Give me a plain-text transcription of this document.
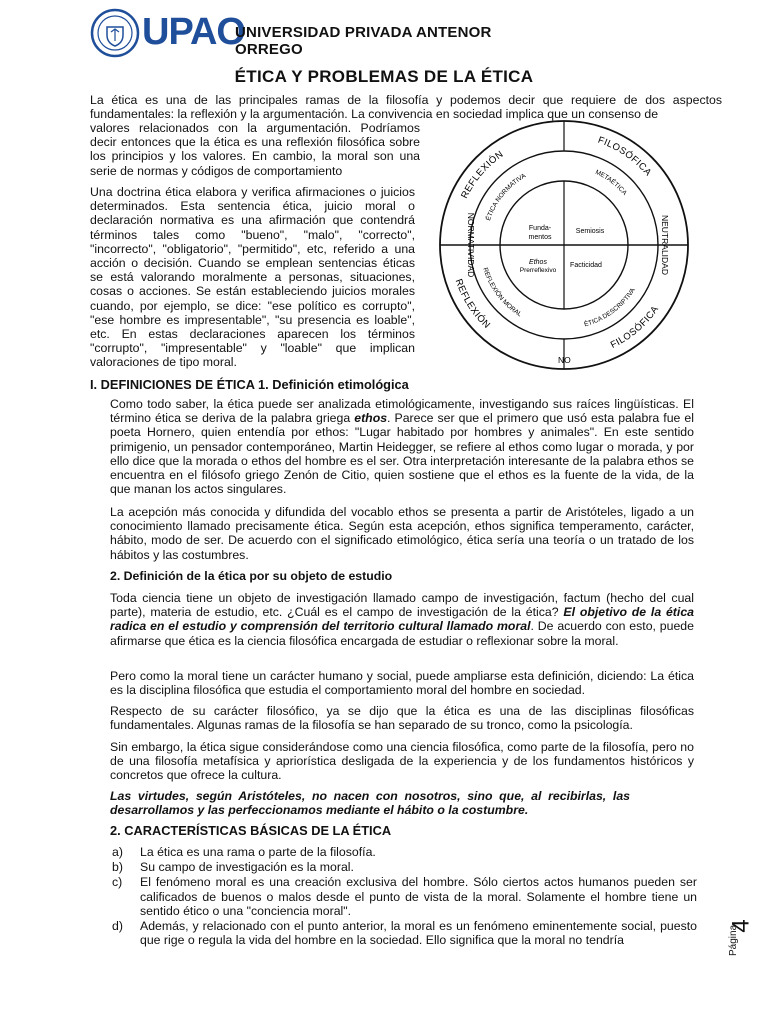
UPAO
UNIVERSIDAD PRIVADA ANTENOR ORREGO
ÉTICA Y PROBLEMAS DE LA ÉTICA

La ética es una de las principales ramas de la filosofía y podemos decir que requiere de dos aspectos fundamentales: la reflexión y la argumentación. La convivencia en sociedad implica que un consenso de

valores relacionados con la argumentación. Podríamos decir entonces que la ética es una reflexión filosófica sobre los principios y los valores. En cambio, la moral son una serie de normas y códigos de comportamiento

Una doctrina ética elabora y verifica afirmaciones o juicios determinados. Esta sentencia ética, juicio moral o declaración normativa es una afirmación que contendrá términos tales como "bueno", "malo", "correcto", "incorrecto", "obligatorio", "permitido", etc, referido a una acción o decisión. Cuando se emplean sentencias éticas se está valorando moralmente a personas, situaciones, cosas o acciones. Se están estableciendo juicios morales cuando, por ejemplo, se dice: "ese político es corrupto", "ese hombre es impresentable", "su presencia es loable", etc. En estas declaraciones aparecen los términos "corrupto", "impresentable" y "loable" que implican valoraciones de tipo moral.

REFLEXIÓN
FILOSÓFICA
NORMATIVIDAD	NEUTRALIDAD
REFLEXIÓN
NO
FILOSÓFICA
ÉTICA NORMATIVA	METAÉTICA
REFLEXIÓN MORAL
ÉTICA DESCRIPTIVA
Funda-
mentos
Semiosis
Ethos
Prerreflexivo
Facticidad

I. DEFINICIONES DE ÉTICA 1. Definición etimológica

Como todo saber, la ética puede ser analizada etimológicamente, investigando sus raíces lingüísticas. El término ética se deriva de la palabra griega ethos. Parece ser que el primero que usó esta palabra fue el poeta Hornero, quien entendía por ethos: "Lugar habitado por hombres y animales". En este sentido primigenio, un pensador contemporáneo, Martin Heidegger, se refiere al ethos como lugar o morada, y por ello dice que la morada o ethos del hombre es el ser. Otra interpretación interesante de la palabra ethos se encuentra en el filósofo griego Zenón de Citio, quien sostiene que el ethos es la fuente de la vida, de la que manan los actos singulares.

La acepción más conocida y difundida del vocablo ethos se presenta a partir de Aristóteles, ligado a un conocimiento llamado precisamente ética. Según esta acepción, ethos significa temperamento, carácter, hábito, modo de ser. De acuerdo con el significado etimológico, ética sería una teoría o un tratado de los hábitos y las costumbres.

2. Definición de la ética por su objeto de estudio

Toda ciencia tiene un objeto de investigación llamado campo de investigación, factum (hecho del cual parte), materia de estudio, etc. ¿Cuál es el campo de investigación de la ética? El objetivo de la ética radica en el estudio y comprensión del territorio cultural llamado moral. De acuerdo con esto, puede afirmarse que ética es la ciencia filosófica encargada de estudiar o reflexionar sobre la moral.

Pero como la moral tiene un carácter humano y social, puede ampliarse esta definición, diciendo: La ética es la disciplina filosófica que estudia el comportamiento moral del hombre en sociedad.

Respecto de su carácter filosófico, ya se dijo que la ética es una de las disciplinas filosóficas fundamentales. Algunas ramas de la filosofía se han separado de su tronco, como la psicología.

Sin embargo, la ética sigue considerándose como una ciencia filosófica, como parte de la filosofía, pero no de una filosofía metafísica y apriorística desligada de la experiencia y de los fundamentos históricos y concretos que ofrece la cultura.

Las virtudes, según Aristóteles, no nacen con nosotros, sino que, al recibirlas, las desarrollamos y las perfeccionamos mediante el hábito o la costumbre.

2. CARACTERÍSTICAS BÁSICAS DE LA ÉTICA

a) La ética es una rama o parte de la filosofía.
b) Su campo de investigación es la moral.
c) El fenómeno moral es una creación exclusiva del hombre. Sólo ciertos actos humanos pueden ser calificados de buenos o malos desde el punto de vista de la moral. Solamente el hombre tiene un sentido ético o una "conciencia moral".
d) Además, y relacionado con el punto anterior, la moral es un fenómeno eminentemente social, puesto que rige o regula la vida del hombre en la sociedad. Ello significa que la moral no tendría
4
Página
